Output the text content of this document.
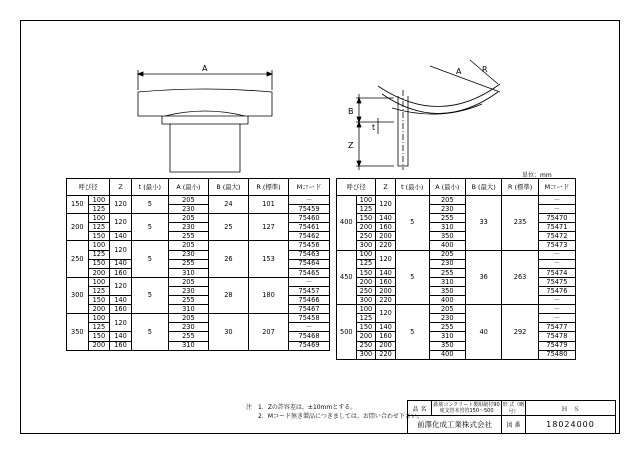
A
B
t
Z
A	R
単位：mm
呼び径		Z	t (最小)	A (最小)	B (最大)	R (標準)	Mコード
150	100	120	5	205	24	101	－
	125			230			75459
200	100	120	5	205	25	127	75460
	125			230			75461
	150	140		255			75462
250	100	120	5	205	26	153	75456
	125			230			75463
	150	140		255			75464
	200	160		310			75465
300	100	120	5	205	28	180	－
	125			230			75457
	150	140		255			75466
	200	160		310			75467
350	100	120	5	205	30	207	75458
	125			230			－
	150	140		255			75468
	200	160		310			75469
呼び径		Z	t (最小)	A (最小)	B (最大)	R (標準)	Mコード
400	100	120	5	205	33	235	－
	125			230			－
	150	140		255			75470
	200	160		310			75471
	250	200		350			75472
	300	220		400			75473
450	100	120	5	205	36	263	－
	125			230			－
	150	140		255			75474
	200	160		310			75475
	250	200		350			75476
	300	220		400			－
500	100	120	5	205	40	292	－
	125			230			－
	150	140		255			75477
	200	160		310			75478
	250	200		350			75479
	300	220		400			75480
注　1．Zの許容差は、±10mmとする。
　　2．Mコード無き製品につきましては、お問い合わせ下さい。
品 名	鉄筋コンクリート製組制付90度支管本管管150～500	形 式（略号）	Ｈ　Ｓ
前澤化成工業株式会社		図 番	18024000
